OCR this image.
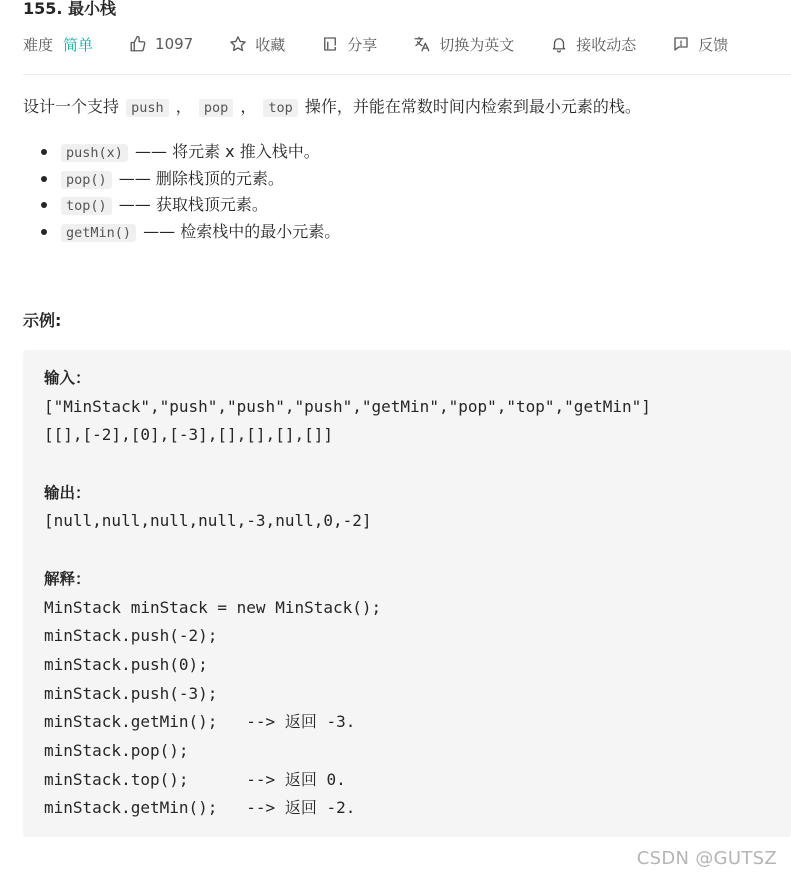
155. 最小栈
难度 简单	1097	收藏	分享	切换为英文	接收动态	反馈
设计一个支持 push ， pop ， top 操作，并能在常数时间内检索到最小元素的栈。
push(x) —— 将元素 x 推入栈中。
pop() —— 删除栈顶的元素。
top() —— 获取栈顶元素。
getMin() —— 检索栈中的最小元素。
示例:
输入：
["MinStack","push","push","push","getMin","pop","top","getMin"]
[[],[-2],[0],[-3],[],[],[],[]]

输出：
[null,null,null,null,-3,null,0,-2]

解释：
MinStack minStack = new MinStack();
minStack.push(-2);
minStack.push(0);
minStack.push(-3);
minStack.getMin();   --> 返回 -3.
minStack.pop();
minStack.top();      --> 返回 0.
minStack.getMin();   --> 返回 -2.
CSDN @GUTSZ
